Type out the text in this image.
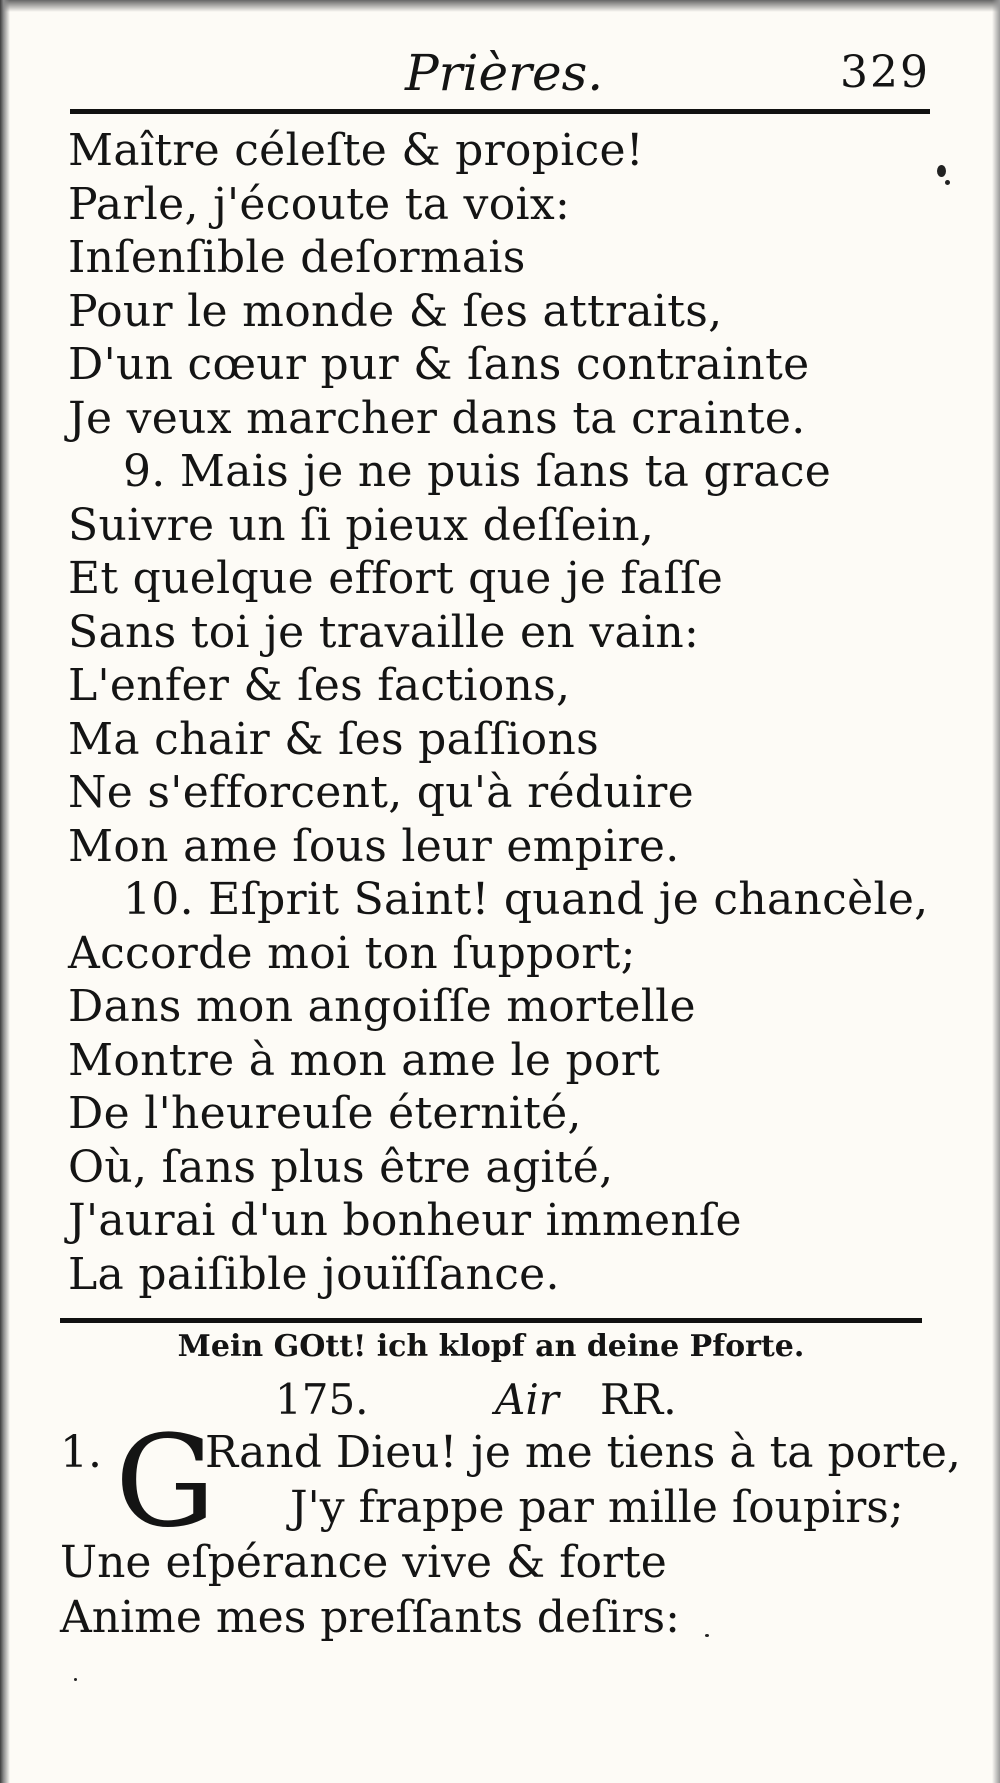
Prières.	329
Maître céleſte & propice!
Parle, j'écoute ta voix:
Inſenſible deſormais
Pour le monde & ſes attraits,
D'un cœur pur & ſans contrainte
Je veux marcher dans ta crainte.
9. Mais je ne puis ſans ta grace
Suivre un ſi pieux deſſein,
Et quelque effort que je faſſe
Sans toi je travaille en vain:
L'enfer & ſes factions,
Ma chair & ſes paſſions
Ne s'efforcent, qu'à réduire
Mon ame ſous leur empire.
10. Eſprit Saint! quand je chancèle,
Accorde moi ton ſupport;
Dans mon angoiſſe mortelle
Montre à mon ame le port
De l'heureuſe éternité,
Où, ſans plus être agité,
J'aurai d'un bonheur immenſe
La paiſible jouïſſance.
Mein GOtt! ich klopf an deine Pforte.
175.	Air RR.
1. G
Rand Dieu! je me tiens à ta porte,
J'y frappe par mille ſoupirs;
Une eſpérance vive & forte
Anime mes preſſants deſirs:
